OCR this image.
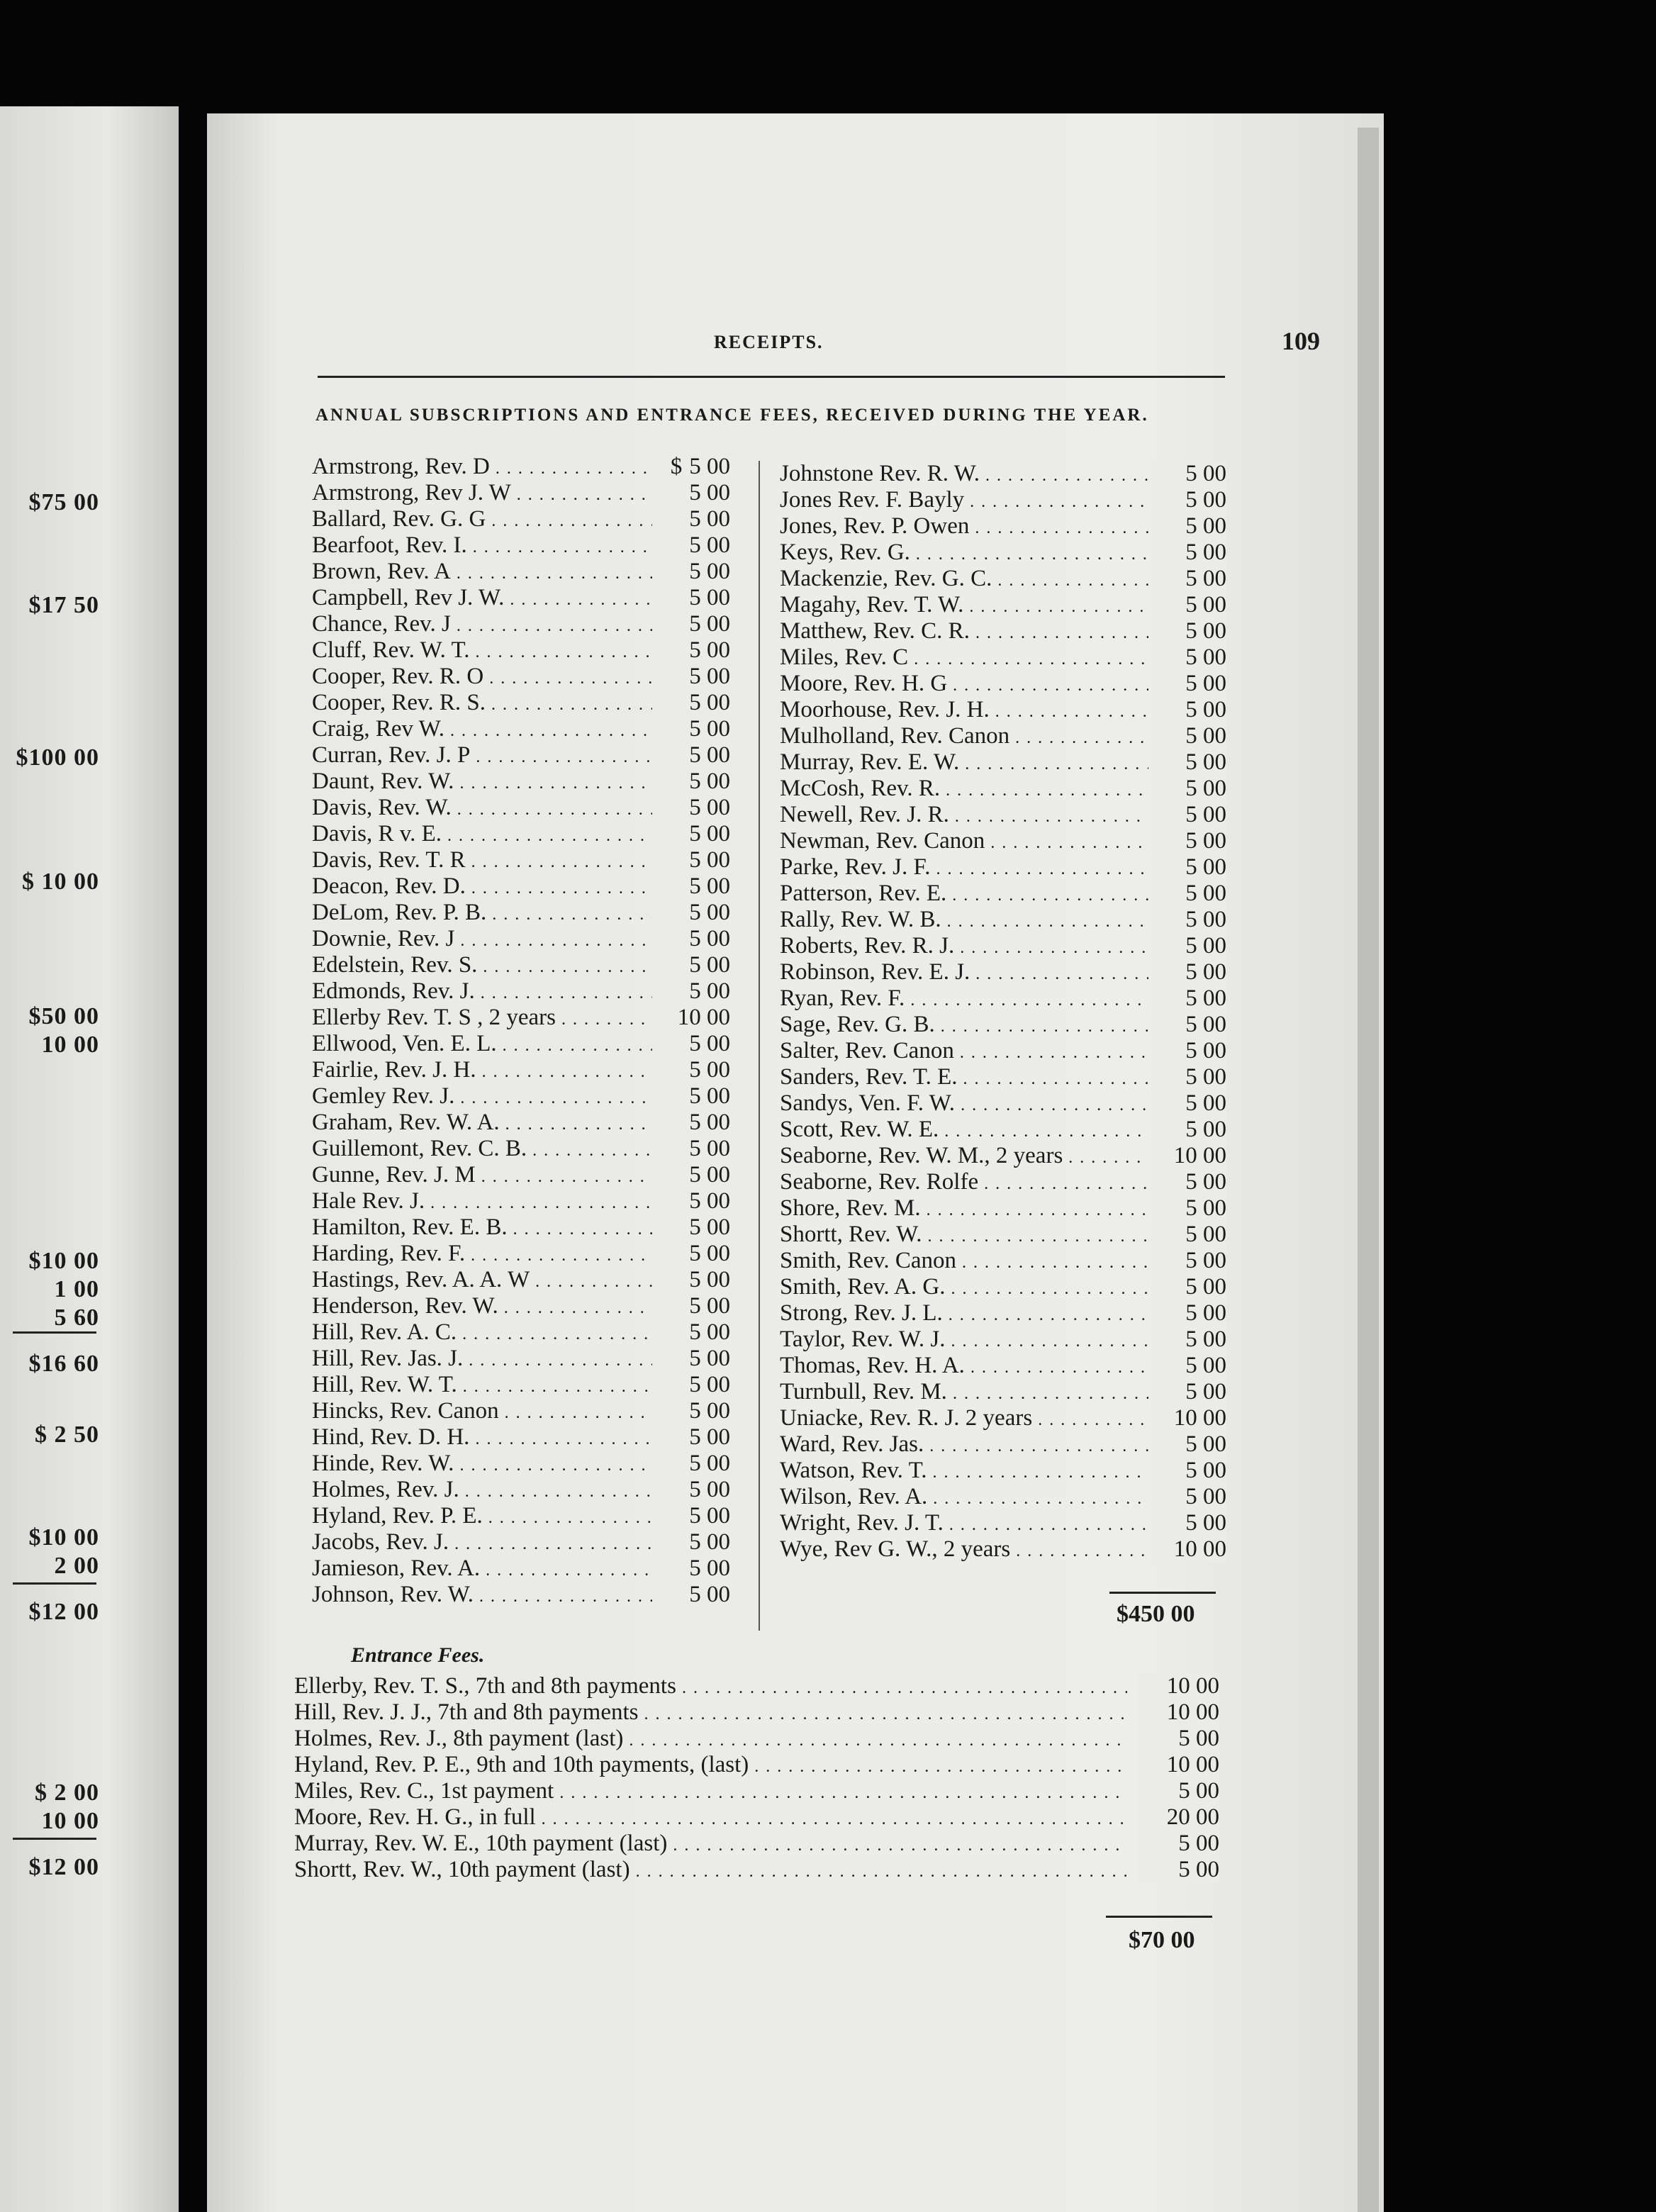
$75 00
$17 50
$100 00
$ 10 00
$50 00
10 00
$10 00
1 00
5 60
$16 60
$ 2 50
$10 00
2 00
$12 00
$ 2 00
10 00
$12 00
RECEIPTS.	109
ANNUAL SUBSCRIPTIONS AND ENTRANCE FEES, RECEIVED DURING THE YEAR.
Armstrong, Rev. D . . .	$ 5 00
Armstrong, Rev J. W . . .	5 00
Ballard, Rev. G. G . . .	5 00
Bearfoot, Rev. I. . . .	5 00
Brown, Rev. A . . .	5 00
Campbell, Rev J. W. . . .	5 00
Chance, Rev. J . . .	5 00
Cluff, Rev. W. T. . . .	5 00
Cooper, Rev. R. O . . .	5 00
Cooper, Rev. R. S. . . .	5 00
Craig, Rev W. . . .	5 00
Curran, Rev. J. P . . .	5 00
Daunt, Rev. W. . . .	5 00
Davis, Rev. W. . . .	5 00
Davis, R v. E. . . .	5 00
Davis, Rev. T. R . . .	5 00
Deacon, Rev. D. . . .	5 00
DeLom, Rev. P. B. . . .	5 00
Downie, Rev. J . . .	5 00
Edelstein, Rev. S. . . .	5 00
Edmonds, Rev. J. . . .	5 00
Ellerby Rev. T. S , 2 years . . .	10 00
Ellwood, Ven. E. L. . . .	5 00
Fairlie, Rev. J. H. . . .	5 00
Gemley Rev. J. . . .	5 00
Graham, Rev. W. A. . . .	5 00
Guillemont, Rev. C. B. . . .	5 00
Gunne, Rev. J. M . . .	5 00
Hale Rev. J. . . .	5 00
Hamilton, Rev. E. B. . . .	5 00
Harding, Rev. F. . . .	5 00
Hastings, Rev. A. A. W . . .	5 00
Henderson, Rev. W. . . .	5 00
Hill, Rev. A. C. . . .	5 00
Hill, Rev. Jas. J. . . .	5 00
Hill, Rev. W. T. . . .	5 00
Hincks, Rev. Canon . . .	5 00
Hind, Rev. D. H. . . .	5 00
Hinde, Rev. W. . . .	5 00
Holmes, Rev. J. . . .	5 00
Hyland, Rev. P. E. . . .	5 00
Jacobs, Rev. J. . . .	5 00
Jamieson, Rev. A. . . .	5 00
Johnson, Rev. W. . . .	5 00
Johnstone Rev. R. W. . . .	5 00
Jones Rev. F. Bayly . . .	5 00
Jones, Rev. P. Owen . . .	5 00
Keys, Rev. G. . . .	5 00
Mackenzie, Rev. G. C. . . .	5 00
Magahy, Rev. T. W. . . .	5 00
Matthew, Rev. C. R. . . .	5 00
Miles, Rev. C . . .	5 00
Moore, Rev. H. G . . .	5 00
Moorhouse, Rev. J. H. . . .	5 00
Mulholland, Rev. Canon . . .	5 00
Murray, Rev. E. W. . . .	5 00
McCosh, Rev. R. . . .	5 00
Newell, Rev. J. R. . . .	5 00
Newman, Rev. Canon . . .	5 00
Parke, Rev. J. F. . . .	5 00
Patterson, Rev. E. . . .	5 00
Rally, Rev. W. B. . . .	5 00
Roberts, Rev. R. J. . . .	5 00
Robinson, Rev. E. J. . . .	5 00
Ryan, Rev. F. . . .	5 00
Sage, Rev. G. B. . . .	5 00
Salter, Rev. Canon . . .	5 00
Sanders, Rev. T. E. . . .	5 00
Sandys, Ven. F. W. . . .	5 00
Scott, Rev. W. E. . . .	5 00
Seaborne, Rev. W. M., 2 years . . .	10 00
Seaborne, Rev. Rolfe . . .	5 00
Shore, Rev. M. . . .	5 00
Shortt, Rev. W. . . .	5 00
Smith, Rev. Canon . . .	5 00
Smith, Rev. A. G. . . .	5 00
Strong, Rev. J. L. . . .	5 00
Taylor, Rev. W. J. . . .	5 00
Thomas, Rev. H. A. . . .	5 00
Turnbull, Rev. M. . . .	5 00
Uniacke, Rev. R. J. 2 years . . .	10 00
Ward, Rev. Jas. . . .	5 00
Watson, Rev. T. . . .	5 00
Wilson, Rev. A. . . .	5 00
Wright, Rev. J. T. . . .	5 00
Wye, Rev G. W., 2 years . . .	10 00
$450 00
Entrance Fees.
Ellerby, Rev. T. S., 7th and 8th payments . . .	10 00
Hill, Rev. J. J., 7th and 8th payments . . .	10 00
Holmes, Rev. J., 8th payment (last) . . .	5 00
Hyland, Rev. P. E., 9th and 10th payments, (last) . . .	10 00
Miles, Rev. C., 1st payment . . .	5 00
Moore, Rev. H. G., in full . . .	20 00
Murray, Rev. W. E., 10th payment (last) . . .	5 00
Shortt, Rev. W., 10th payment (last) . . .	5 00
$70 00
